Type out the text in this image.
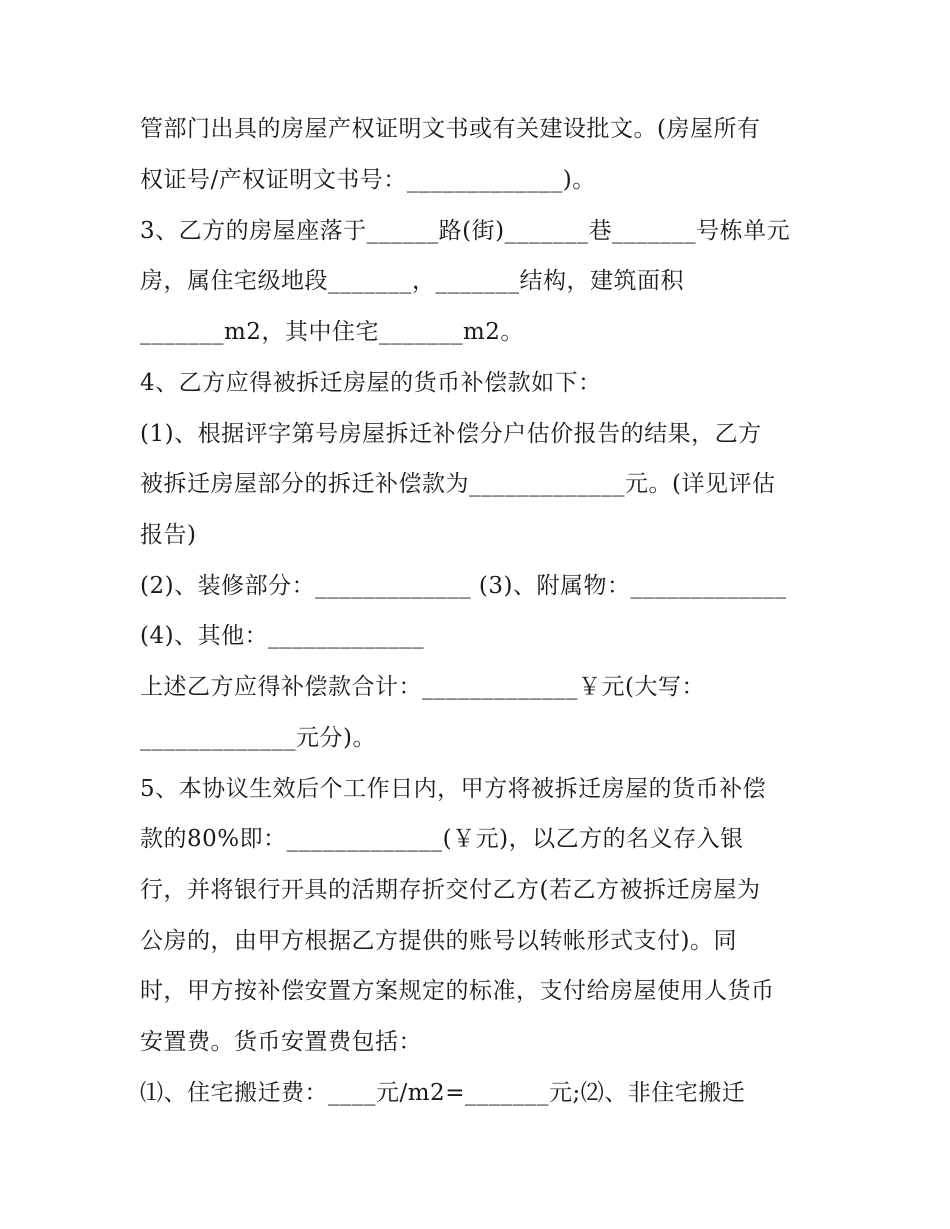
管部门出具的房屋产权证明文书或有关建设批文。(房屋所有
权证号/产权证明文书号：_____________)。
3、乙方的房屋座落于______路(街)_______巷_______号栋单元
房，属住宅级地段_______，_______结构，建筑面积
_______m2，其中住宅_______m2。
4、乙方应得被拆迁房屋的货币补偿款如下：
(1)、根据评字第号房屋拆迁补偿分户估价报告的结果，乙方
被拆迁房屋部分的拆迁补偿款为_____________元。(详见评估
报告)
(2)、装修部分：_____________ (3)、附属物：_____________
(4)、其他：_____________
上述乙方应得补偿款合计：_____________￥元(大写：
_____________元分)。
5、本协议生效后个工作日内，甲方将被拆迁房屋的货币补偿
款的80%即：_____________(￥元)，以乙方的名义存入银
行，并将银行开具的活期存折交付乙方(若乙方被拆迁房屋为
公房的，由甲方根据乙方提供的账号以转帐形式支付)。同
时，甲方按补偿安置方案规定的标准，支付给房屋使用人货币
安置费。货币安置费包括：
⑴、住宅搬迁费：____元/m2=_______元;⑵、非住宅搬迁
